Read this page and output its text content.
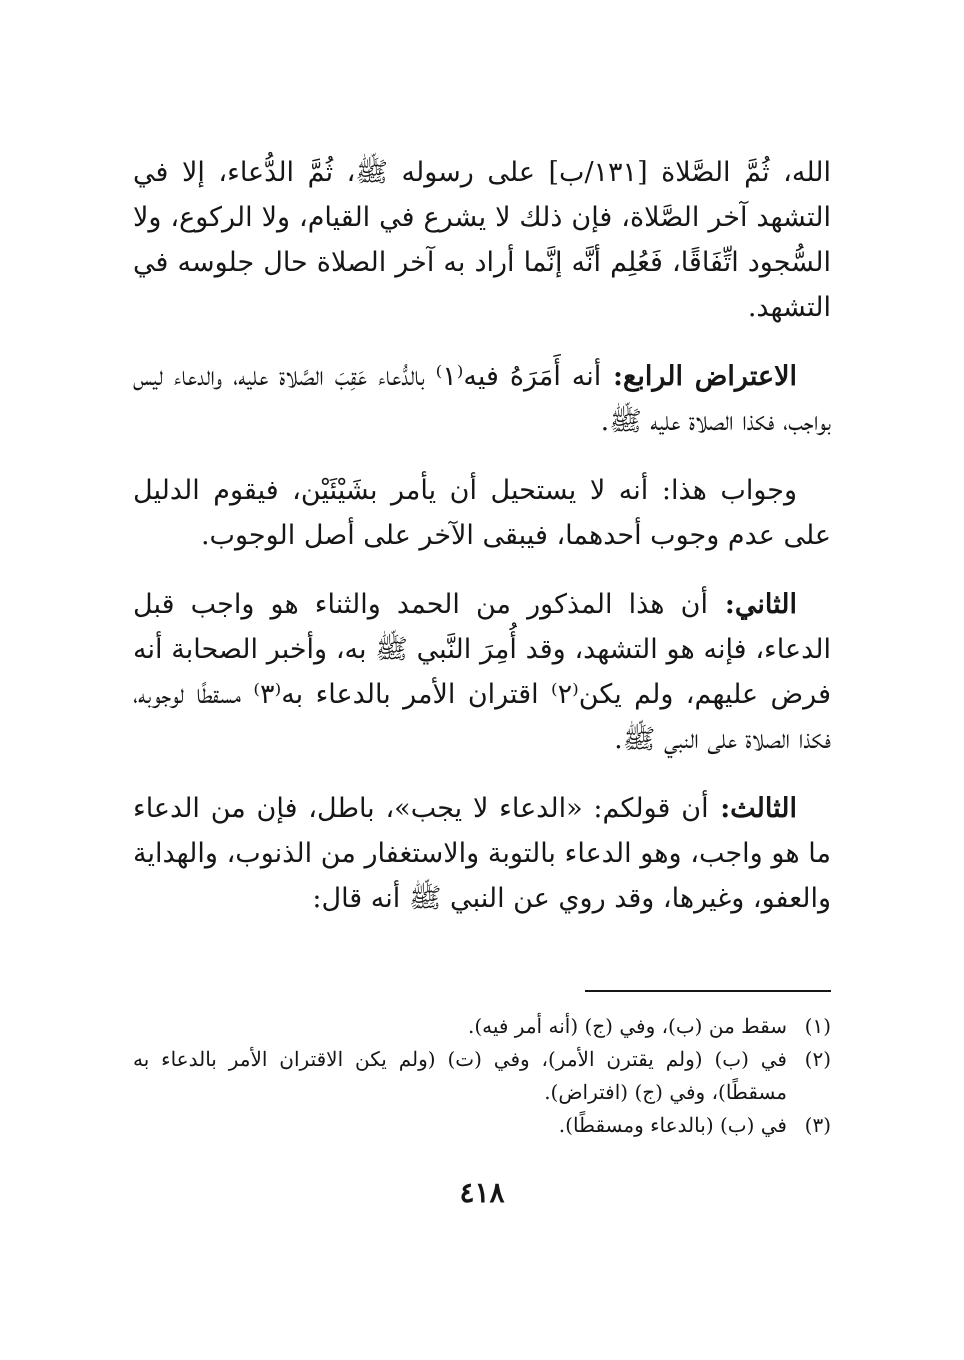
الله، ثُمَّ الصَّلاة [١٣١/ب] على رسوله ﷺ، ثُمَّ الدُّعاء، إلا في التشهد آخر الصَّلاة، فإن ذلك لا يشرع في القيام، ولا الركوع، ولا السُّجود اتِّفَاقًا، فَعُلِم أنَّه إنَّما أراد به آخر الصلاة حال جلوسه في التشهد.

الاعتراض الرابع: أنه أَمَرَهُ فيه⁽١⁾ بالدُّعاء عَقِبَ الصَّلاة عليه، والدعاء ليس بواجب، فكذا الصلاة عليه ﷺ.

وجواب هذا: أنه لا يستحيل أن يأمر بشَيْئَيْن، فيقوم الدليل على عدم وجوب أحدهما، فيبقى الآخر على أصل الوجوب.

الثاني: أن هذا المذكور من الحمد والثناء هو واجب قبل الدعاء، فإنه هو التشهد، وقد أُمِرَ النَّبي ﷺ به، وأخبر الصحابة أنه فرض عليهم، ولم يكن⁽٢⁾ اقتران الأمر بالدعاء به⁽٣⁾ مسقطًا لوجوبه، فكذا الصلاة على النبي ﷺ.

الثالث: أن قولكم: «الدعاء لا يجب»، باطل، فإن من الدعاء ما هو واجب، وهو الدعاء بالتوبة والاستغفار من الذنوب، والهداية والعفو، وغيرها، وقد روي عن النبي ﷺ أنه قال:

(١)
سقط من (ب)، وفي (ج) (أنه أمر فيه).
(٢)
في (ب) (ولم يقترن الأمر)، وفي (ت) (ولم يكن الاقتران الأمر بالدعاء به مسقطًا)، وفي (ج) (افتراض).
(٣)
في (ب) (بالدعاء ومسقطًا).
٤١٨
